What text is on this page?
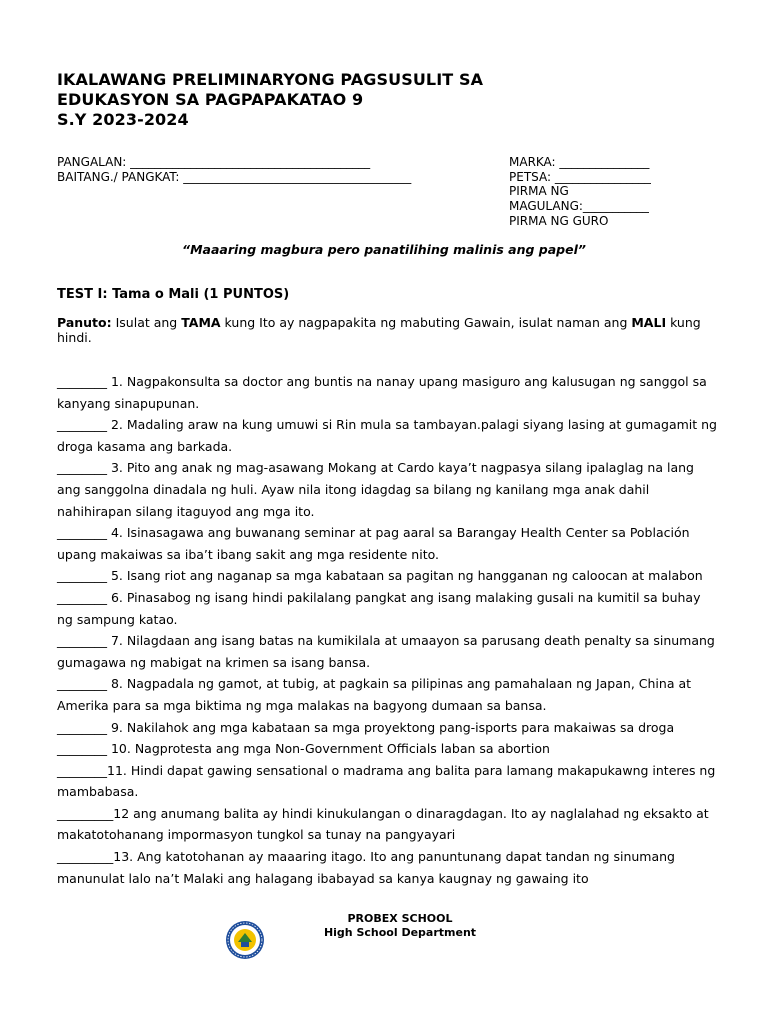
IKALAWANG PRELIMINARYONG PAGSUSULIT SA
EDUKASYON SA PAGPAPAKATAO 9
S.Y 2023-2024
PANGALAN: ________________________________________
BAITANG./ PANGKAT: ______________________________________
MARKA: _______________
PETSA: ________________
PIRMA NG
MAGULANG:___________
PIRMA NG GURO
“Maaaring magbura pero panatilihing malinis ang papel”
TEST I: Tama o Mali (1 PUNTOS)
Panuto: Isulat ang TAMA kung Ito ay nagpapakita ng mabuting Gawain, isulat naman ang MALI kung hindi.
________ 1. Nagpakonsulta sa doctor ang buntis na nanay upang masiguro ang kalusugan ng sanggol sa kanyang sinapupunan.
________ 2. Madaling araw na kung umuwi si Rin mula sa tambayan.palagi siyang lasing at gumagamit ng droga kasama ang barkada.
________ 3. Pito ang anak ng mag-asawang Mokang at Cardo kaya’t nagpasya silang ipalaglag na lang ang sanggolna dinadala ng huli. Ayaw nila itong idagdag sa bilang ng kanilang mga anak dahil nahihirapan silang itaguyod ang mga ito.
________ 4. Isinasagawa ang buwanang seminar at pag aaral sa Barangay Health Center sa Población upang makaiwas sa iba’t ibang sakit ang mga residente nito.
________ 5. Isang riot ang naganap sa mga kabataan sa pagitan ng hangganan ng caloocan at malabon
________ 6. Pinasabog ng isang hindi pakilalang pangkat ang isang malaking gusali na kumitil sa buhay ng sampung katao.
________ 7. Nilagdaan ang isang batas na kumikilala at umaayon sa parusang death penalty sa sinumang gumagawa ng mabigat na krimen sa isang bansa.
________ 8. Nagpadala ng gamot, at tubig, at pagkain sa pilipinas ang pamahalaan ng Japan, China at Amerika para sa mga biktima ng mga malakas na bagyong dumaan sa bansa.
________ 9. Nakilahok ang mga kabataan sa mga proyektong pang-isports para makaiwas sa droga
________ 10. Nagprotesta ang mga Non-Government Officials laban sa abortion
________11. Hindi dapat gawing sensational o madrama ang balita para lamang makapukawng interes ng mambabasa.
_________12 ang anumang balita ay hindi kinukulangan o dinaragdagan. Ito ay naglalahad ng eksakto at makatotohanang impormasyon tungkol sa tunay na pangyayari
_________13. Ang katotohanan ay maaaring itago. Ito ang panuntunang dapat tandan ng sinumang manunulat lalo na’t Malaki ang halagang ibabayad sa kanya kaugnay ng gawaing ito
PROBEX SCHOOL
High School Department
